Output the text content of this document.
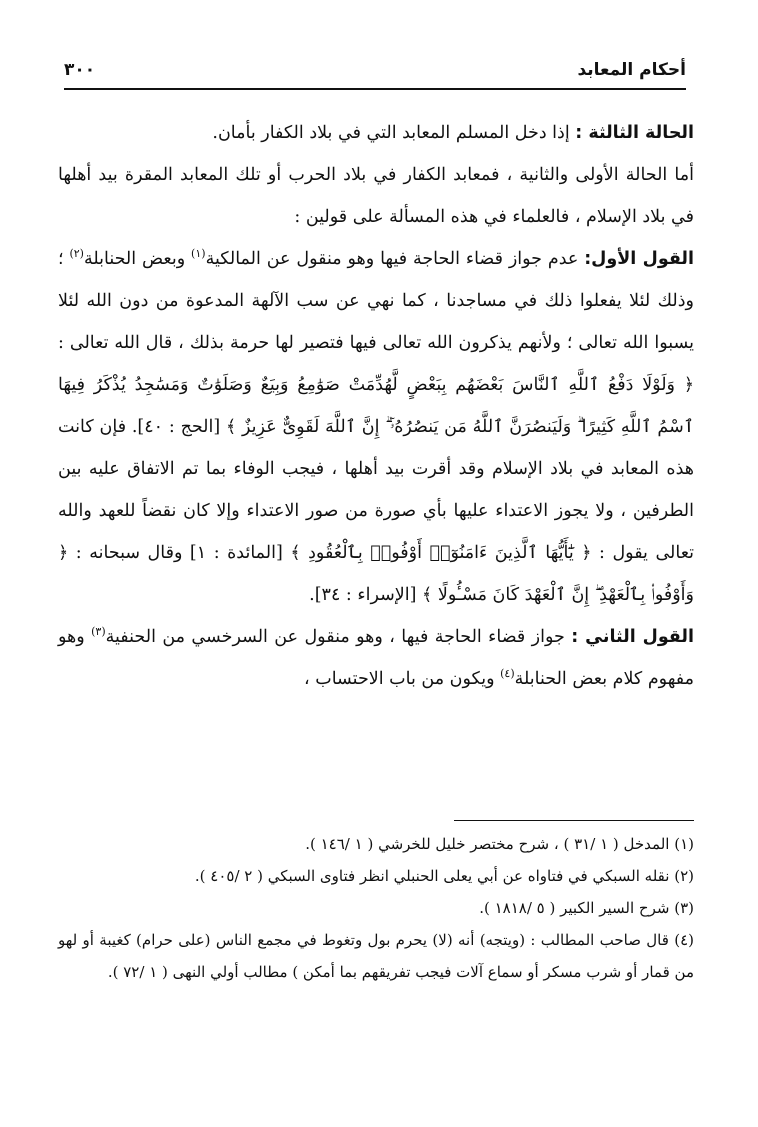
أحكام المعابد
٣٠٠

الحالة الثالثة : إذا دخل المسلم المعابد التي في بلاد الكفار بأمان.

أما الحالة الأولى والثانية ، فمعابد الكفار في بلاد الحرب أو تلك المعابد المقرة بيد أهلها في بلاد الإسلام ، فالعلماء في هذه المسألة على قولين :

القول الأول: عدم جواز قضاء الحاجة فيها وهو منقول عن المالكية$^{(١)}$ وبعض الحنابلة$^{(٢)}$ ؛ وذلك لئلا يفعلوا ذلك في مساجدنا ، كما نهي عن سب الآلهة المدعوة من دون الله لئلا يسبوا الله تعالى ؛ ولأنهم يذكرون الله تعالى فيها فتصير لها حرمة بذلك ، قال الله تعالى : ﴿ وَلَوْلَا دَفْعُ ٱللَّهِ ٱلنَّاسَ بَعْضَهُم بِبَعْضٍ لَّهُدِّمَتْ صَوَٰمِعُ وَبِيَعٌ وَصَلَوَٰتٌ وَمَسَٰجِدُ يُذْكَرُ فِيهَا ٱسْمُ ٱللَّهِ كَثِيرًا ۗ وَلَيَنصُرَنَّ ٱللَّهُ مَن يَنصُرُهُۥٓ ۗ إِنَّ ٱللَّهَ لَقَوِىٌّ عَزِيزٌ ﴾ [الحج : ٤٠]. فإن كانت هذه المعابد في بلاد الإسلام وقد أقرت بيد أهلها ، فيجب الوفاء بما تم الاتفاق عليه بين الطرفين ، ولا يجوز الاعتداء عليها بأي صورة من صور الاعتداء وإلا كان نقضاً للعهد والله تعالى يقول : ﴿ يَٰٓأَيُّهَا ٱلَّذِينَ ءَامَنُوٓا۟ أَوْفُوا۟ بِٱلْعُقُودِ ﴾ [المائدة : ١] وقال سبحانه : ﴿ وَأَوْفُوا۟ بِٱلْعَهْدِ ۖ إِنَّ ٱلْعَهْدَ كَانَ مَسْـُٔولًا ﴾ [الإسراء : ٣٤].

القول الثاني : جواز قضاء الحاجة فيها ، وهو منقول عن السرخسي من الحنفية$^{(٣)}$ وهو مفهوم كلام بعض الحنابلة$^{(٤)}$ ويكون من باب الاحتساب ،

(١) المدخل ( ١ /٣١ ) ، شرح مختصر خليل للخرشي ( ١ /١٤٦ ).

(٢) نقله السبكي في فتاواه عن أبي يعلى الحنبلي انظر فتاوى السبكي ( ٢ /٤٠٥ ).

(٣) شرح السير الكبير ( ٥ /١٨١٨ ).

(٤) قال صاحب المطالب : (ويتجه) أنه (لا) يحرم بول وتغوط في مجمع الناس (على حرام) كغيبة أو لهو من قمار أو شرب مسكر أو سماع آلات فيجب تفريقهم بما أمكن ) مطالب أولي النهى ( ١ /٧٢ ).
